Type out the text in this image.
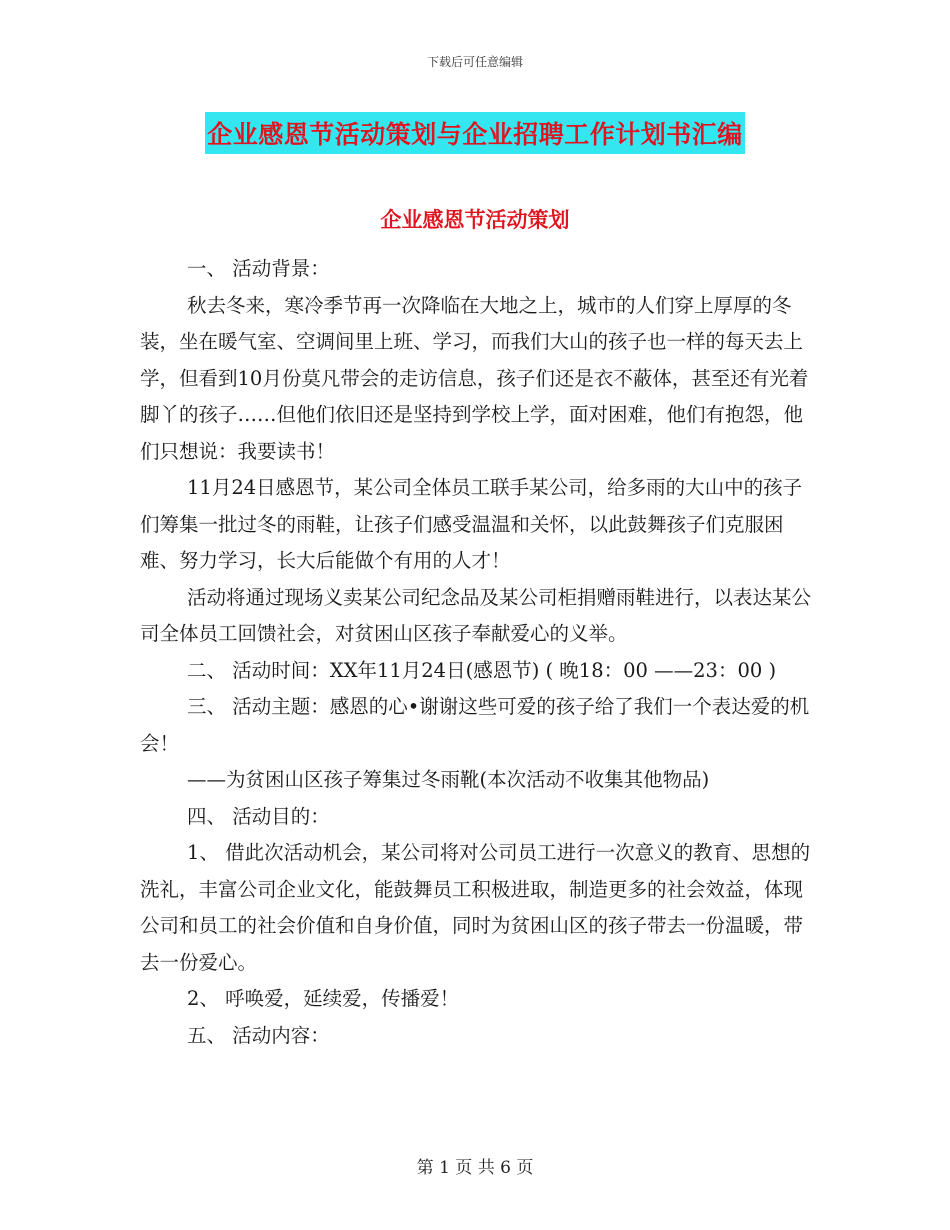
下载后可任意编辑
企业感恩节活动策划与企业招聘工作计划书汇编
企业感恩节活动策划

一、 活动背景：

秋去冬来，寒冷季节再一次降临在大地之上，城市的人们穿上厚厚的冬装，坐在暖气室、空调间里上班、学习，而我们大山的孩子也一样的每天去上学，但看到10月份莫凡带会的走访信息，孩子们还是衣不蔽体，甚至还有光着脚丫的孩子……但他们依旧还是坚持到学校上学，面对困难，他们有抱怨，他们只想说：我要读书！

11月24日感恩节，某公司全体员工联手某公司，给多雨的大山中的孩子们筹集一批过冬的雨鞋，让孩子们感受温温和关怀，以此鼓舞孩子们克服困难、努力学习，长大后能做个有用的人才！

活动将通过现场义卖某公司纪念品及某公司柜捐赠雨鞋进行，以表达某公司全体员工回馈社会，对贫困山区孩子奉献爱心的义举。

二、 活动时间：XX年11月24日(感恩节) ( 晚18：00 ——23：00 )

三、 活动主题：感恩的心•谢谢这些可爱的孩子给了我们一个表达爱的机会！

——为贫困山区孩子筹集过冬雨靴(本次活动不收集其他物品)

四、 活动目的：

1、 借此次活动机会，某公司将对公司员工进行一次意义的教育、思想的洗礼，丰富公司企业文化，能鼓舞员工积极进取，制造更多的社会效益，体现公司和员工的社会价值和自身价值，同时为贫困山区的孩子带去一份温暖，带去一份爱心。

2、 呼唤爱，延续爱，传播爱！

五、 活动内容：

第 1 页 共 6 页
